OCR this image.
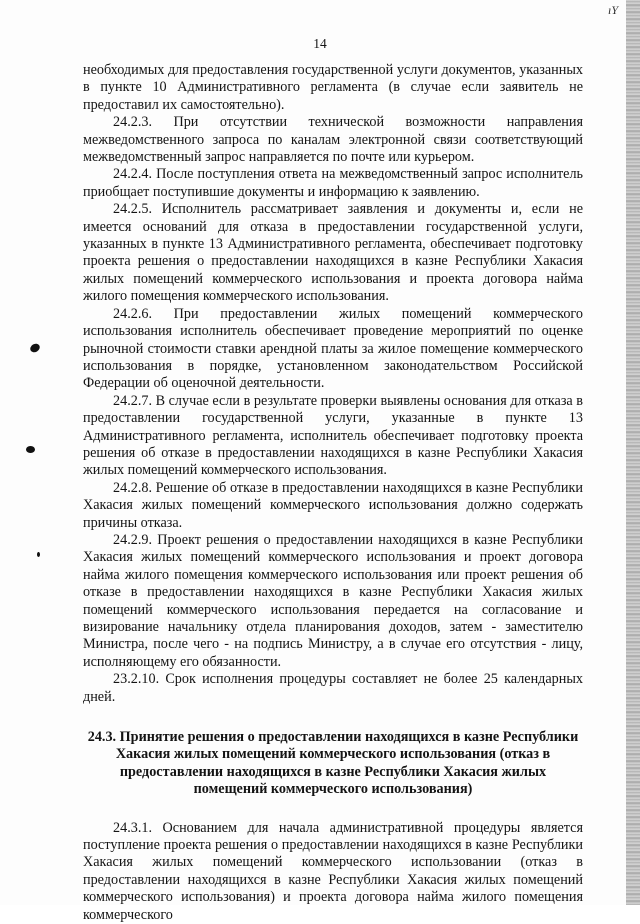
ıY
14

необходимых для предоставления государственной услуги документов, указанных в пункте 10 Административного регламента (в случае если заявитель не предоставил их самостоятельно).

24.2.3. При отсутствии технической возможности направления межведомственного запроса по каналам электронной связи соответствующий межведомственный запрос направляется по почте или курьером.

24.2.4. После поступления ответа на межведомственный запрос исполнитель приобщает поступившие документы и информацию к заявлению.

24.2.5. Исполнитель рассматривает заявления и документы и, если не имеется оснований для отказа в предоставлении государственной услуги, указанных в пункте 13 Административного регламента, обеспечивает подготовку проекта решения о предоставлении находящихся в казне Республики Хакасия жилых помещений коммерческого использования и проекта договора найма жилого помещения коммерческого использования.

24.2.6. При предоставлении жилых помещений коммерческого использования исполнитель обеспечивает проведение мероприятий по оценке рыночной стоимости ставки арендной платы за жилое помещение коммерческого использования в порядке, установленном законодательством Российской Федерации об оценочной деятельности.

24.2.7. В случае если в результате проверки выявлены основания для отказа в предоставлении государственной услуги, указанные в пункте 13 Административного регламента, исполнитель обеспечивает подготовку проекта решения об отказе в предоставлении находящихся в казне Республики Хакасия жилых помещений коммерческого использования.

24.2.8. Решение об отказе в предоставлении находящихся в казне Республики Хакасия жилых помещений коммерческого использования должно содержать причины отказа.

24.2.9. Проект решения о предоставлении находящихся в казне Республики Хакасия жилых помещений коммерческого использования и проект договора найма жилого помещения коммерческого использования или проект решения об отказе в предоставлении находящихся в казне Республики Хакасия жилых помещений коммерческого использования передается на согласование и визирование начальнику отдела планирования доходов, затем - заместителю Министра, после чего - на подпись Министру, а в случае его отсутствия - лицу, исполняющему его обязанности.

23.2.10. Срок исполнения процедуры составляет не более 25 календарных дней.

24.3. Принятие решения о предоставлении находящихся в казне Республики Хакасия жилых помещений коммерческого использования (отказ в предоставлении находящихся в казне Республики Хакасия жилых помещений коммерческого использования)

24.3.1. Основанием для начала административной процедуры является поступление проекта решения о предоставлении находящихся в казне Республики Хакасия жилых помещений коммерческого использовании (отказ в предоставлении находящихся в казне Республики Хакасия жилых помещений коммерческого использования) и проекта договора найма жилого помещения коммерческого
